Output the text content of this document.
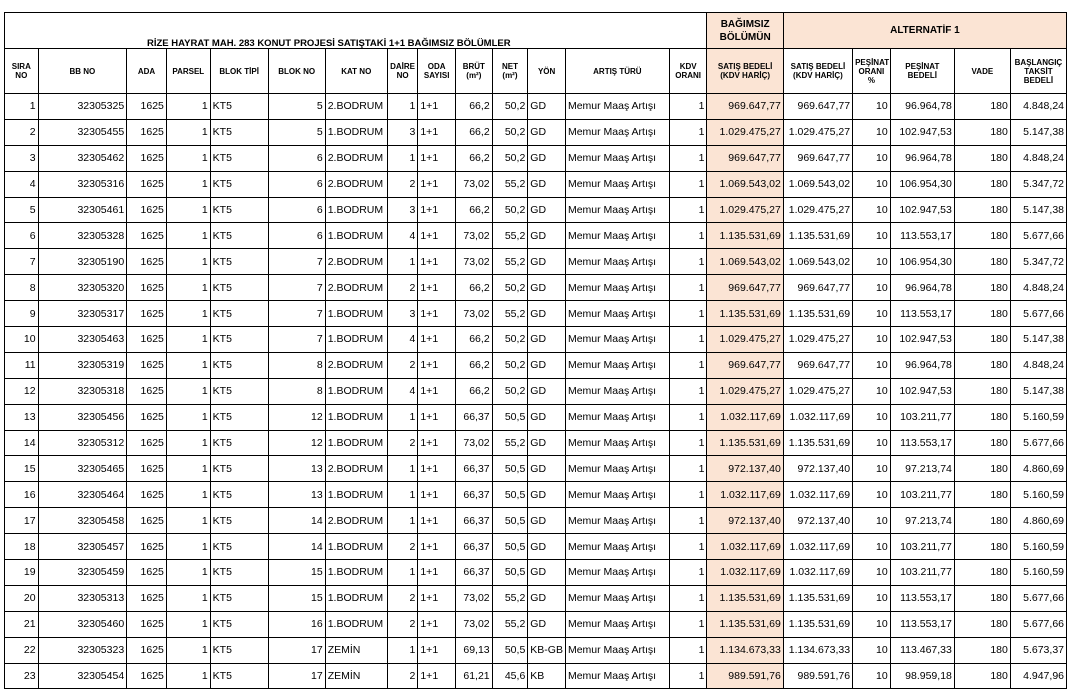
RİZE HAYRAT MAH. 283 KONUT PROJESİ SATIŞTAKİ 1+1 BAĞIMSIZ BÖLÜMLER														BAĞIMSIZ
BÖLÜMÜN	ALTERNATİF 1				
SIRA
NO	BB NO	ADA	PARSEL	BLOK TİPİ	BLOK NO	KAT NO	DAİRE
NO	ODA
SAYISI	BRÜT
(m²)	NET
(m²)	YÖN	ARTIŞ TÜRÜ	KDV
ORANI	SATIŞ BEDELİ
(KDV HARİÇ)	SATIŞ BEDELİ
(KDV HARİÇ)	PEŞİNAT
ORANI %	PEŞİNAT
BEDELİ	VADE	BAŞLANGIÇ
TAKSİT
BEDELİ
1	32305325	1625	1	KT5	5	2.BODRUM	1	1+1	66,2	50,2	GD	Memur Maaş Artışı	1	969.647,77	969.647,77	10	96.964,78	180	4.848,24
2	32305455	1625	1	KT5	5	1.BODRUM	3	1+1	66,2	50,2	GD	Memur Maaş Artışı	1	1.029.475,27	1.029.475,27	10	102.947,53	180	5.147,38
3	32305462	1625	1	KT5	6	2.BODRUM	1	1+1	66,2	50,2	GD	Memur Maaş Artışı	1	969.647,77	969.647,77	10	96.964,78	180	4.848,24
4	32305316	1625	1	KT5	6	2.BODRUM	2	1+1	73,02	55,2	GD	Memur Maaş Artışı	1	1.069.543,02	1.069.543,02	10	106.954,30	180	5.347,72
5	32305461	1625	1	KT5	6	1.BODRUM	3	1+1	66,2	50,2	GD	Memur Maaş Artışı	1	1.029.475,27	1.029.475,27	10	102.947,53	180	5.147,38
6	32305328	1625	1	KT5	6	1.BODRUM	4	1+1	73,02	55,2	GD	Memur Maaş Artışı	1	1.135.531,69	1.135.531,69	10	113.553,17	180	5.677,66
7	32305190	1625	1	KT5	7	2.BODRUM	1	1+1	73,02	55,2	GD	Memur Maaş Artışı	1	1.069.543,02	1.069.543,02	10	106.954,30	180	5.347,72
8	32305320	1625	1	KT5	7	2.BODRUM	2	1+1	66,2	50,2	GD	Memur Maaş Artışı	1	969.647,77	969.647,77	10	96.964,78	180	4.848,24
9	32305317	1625	1	KT5	7	1.BODRUM	3	1+1	73,02	55,2	GD	Memur Maaş Artışı	1	1.135.531,69	1.135.531,69	10	113.553,17	180	5.677,66
10	32305463	1625	1	KT5	7	1.BODRUM	4	1+1	66,2	50,2	GD	Memur Maaş Artışı	1	1.029.475,27	1.029.475,27	10	102.947,53	180	5.147,38
11	32305319	1625	1	KT5	8	2.BODRUM	2	1+1	66,2	50,2	GD	Memur Maaş Artışı	1	969.647,77	969.647,77	10	96.964,78	180	4.848,24
12	32305318	1625	1	KT5	8	1.BODRUM	4	1+1	66,2	50,2	GD	Memur Maaş Artışı	1	1.029.475,27	1.029.475,27	10	102.947,53	180	5.147,38
13	32305456	1625	1	KT5	12	1.BODRUM	1	1+1	66,37	50,5	GD	Memur Maaş Artışı	1	1.032.117,69	1.032.117,69	10	103.211,77	180	5.160,59
14	32305312	1625	1	KT5	12	1.BODRUM	2	1+1	73,02	55,2	GD	Memur Maaş Artışı	1	1.135.531,69	1.135.531,69	10	113.553,17	180	5.677,66
15	32305465	1625	1	KT5	13	2.BODRUM	1	1+1	66,37	50,5	GD	Memur Maaş Artışı	1	972.137,40	972.137,40	10	97.213,74	180	4.860,69
16	32305464	1625	1	KT5	13	1.BODRUM	1	1+1	66,37	50,5	GD	Memur Maaş Artışı	1	1.032.117,69	1.032.117,69	10	103.211,77	180	5.160,59
17	32305458	1625	1	KT5	14	2.BODRUM	1	1+1	66,37	50,5	GD	Memur Maaş Artışı	1	972.137,40	972.137,40	10	97.213,74	180	4.860,69
18	32305457	1625	1	KT5	14	1.BODRUM	2	1+1	66,37	50,5	GD	Memur Maaş Artışı	1	1.032.117,69	1.032.117,69	10	103.211,77	180	5.160,59
19	32305459	1625	1	KT5	15	1.BODRUM	1	1+1	66,37	50,5	GD	Memur Maaş Artışı	1	1.032.117,69	1.032.117,69	10	103.211,77	180	5.160,59
20	32305313	1625	1	KT5	15	1.BODRUM	2	1+1	73,02	55,2	GD	Memur Maaş Artışı	1	1.135.531,69	1.135.531,69	10	113.553,17	180	5.677,66
21	32305460	1625	1	KT5	16	1.BODRUM	2	1+1	73,02	55,2	GD	Memur Maaş Artışı	1	1.135.531,69	1.135.531,69	10	113.553,17	180	5.677,66
22	32305323	1625	1	KT5	17	ZEMİN	1	1+1	69,13	50,5	KB-GB	Memur Maaş Artışı	1	1.134.673,33	1.134.673,33	10	113.467,33	180	5.673,37
23	32305454	1625	1	KT5	17	ZEMİN	2	1+1	61,21	45,6	KB	Memur Maaş Artışı	1	989.591,76	989.591,76	10	98.959,18	180	4.947,96
